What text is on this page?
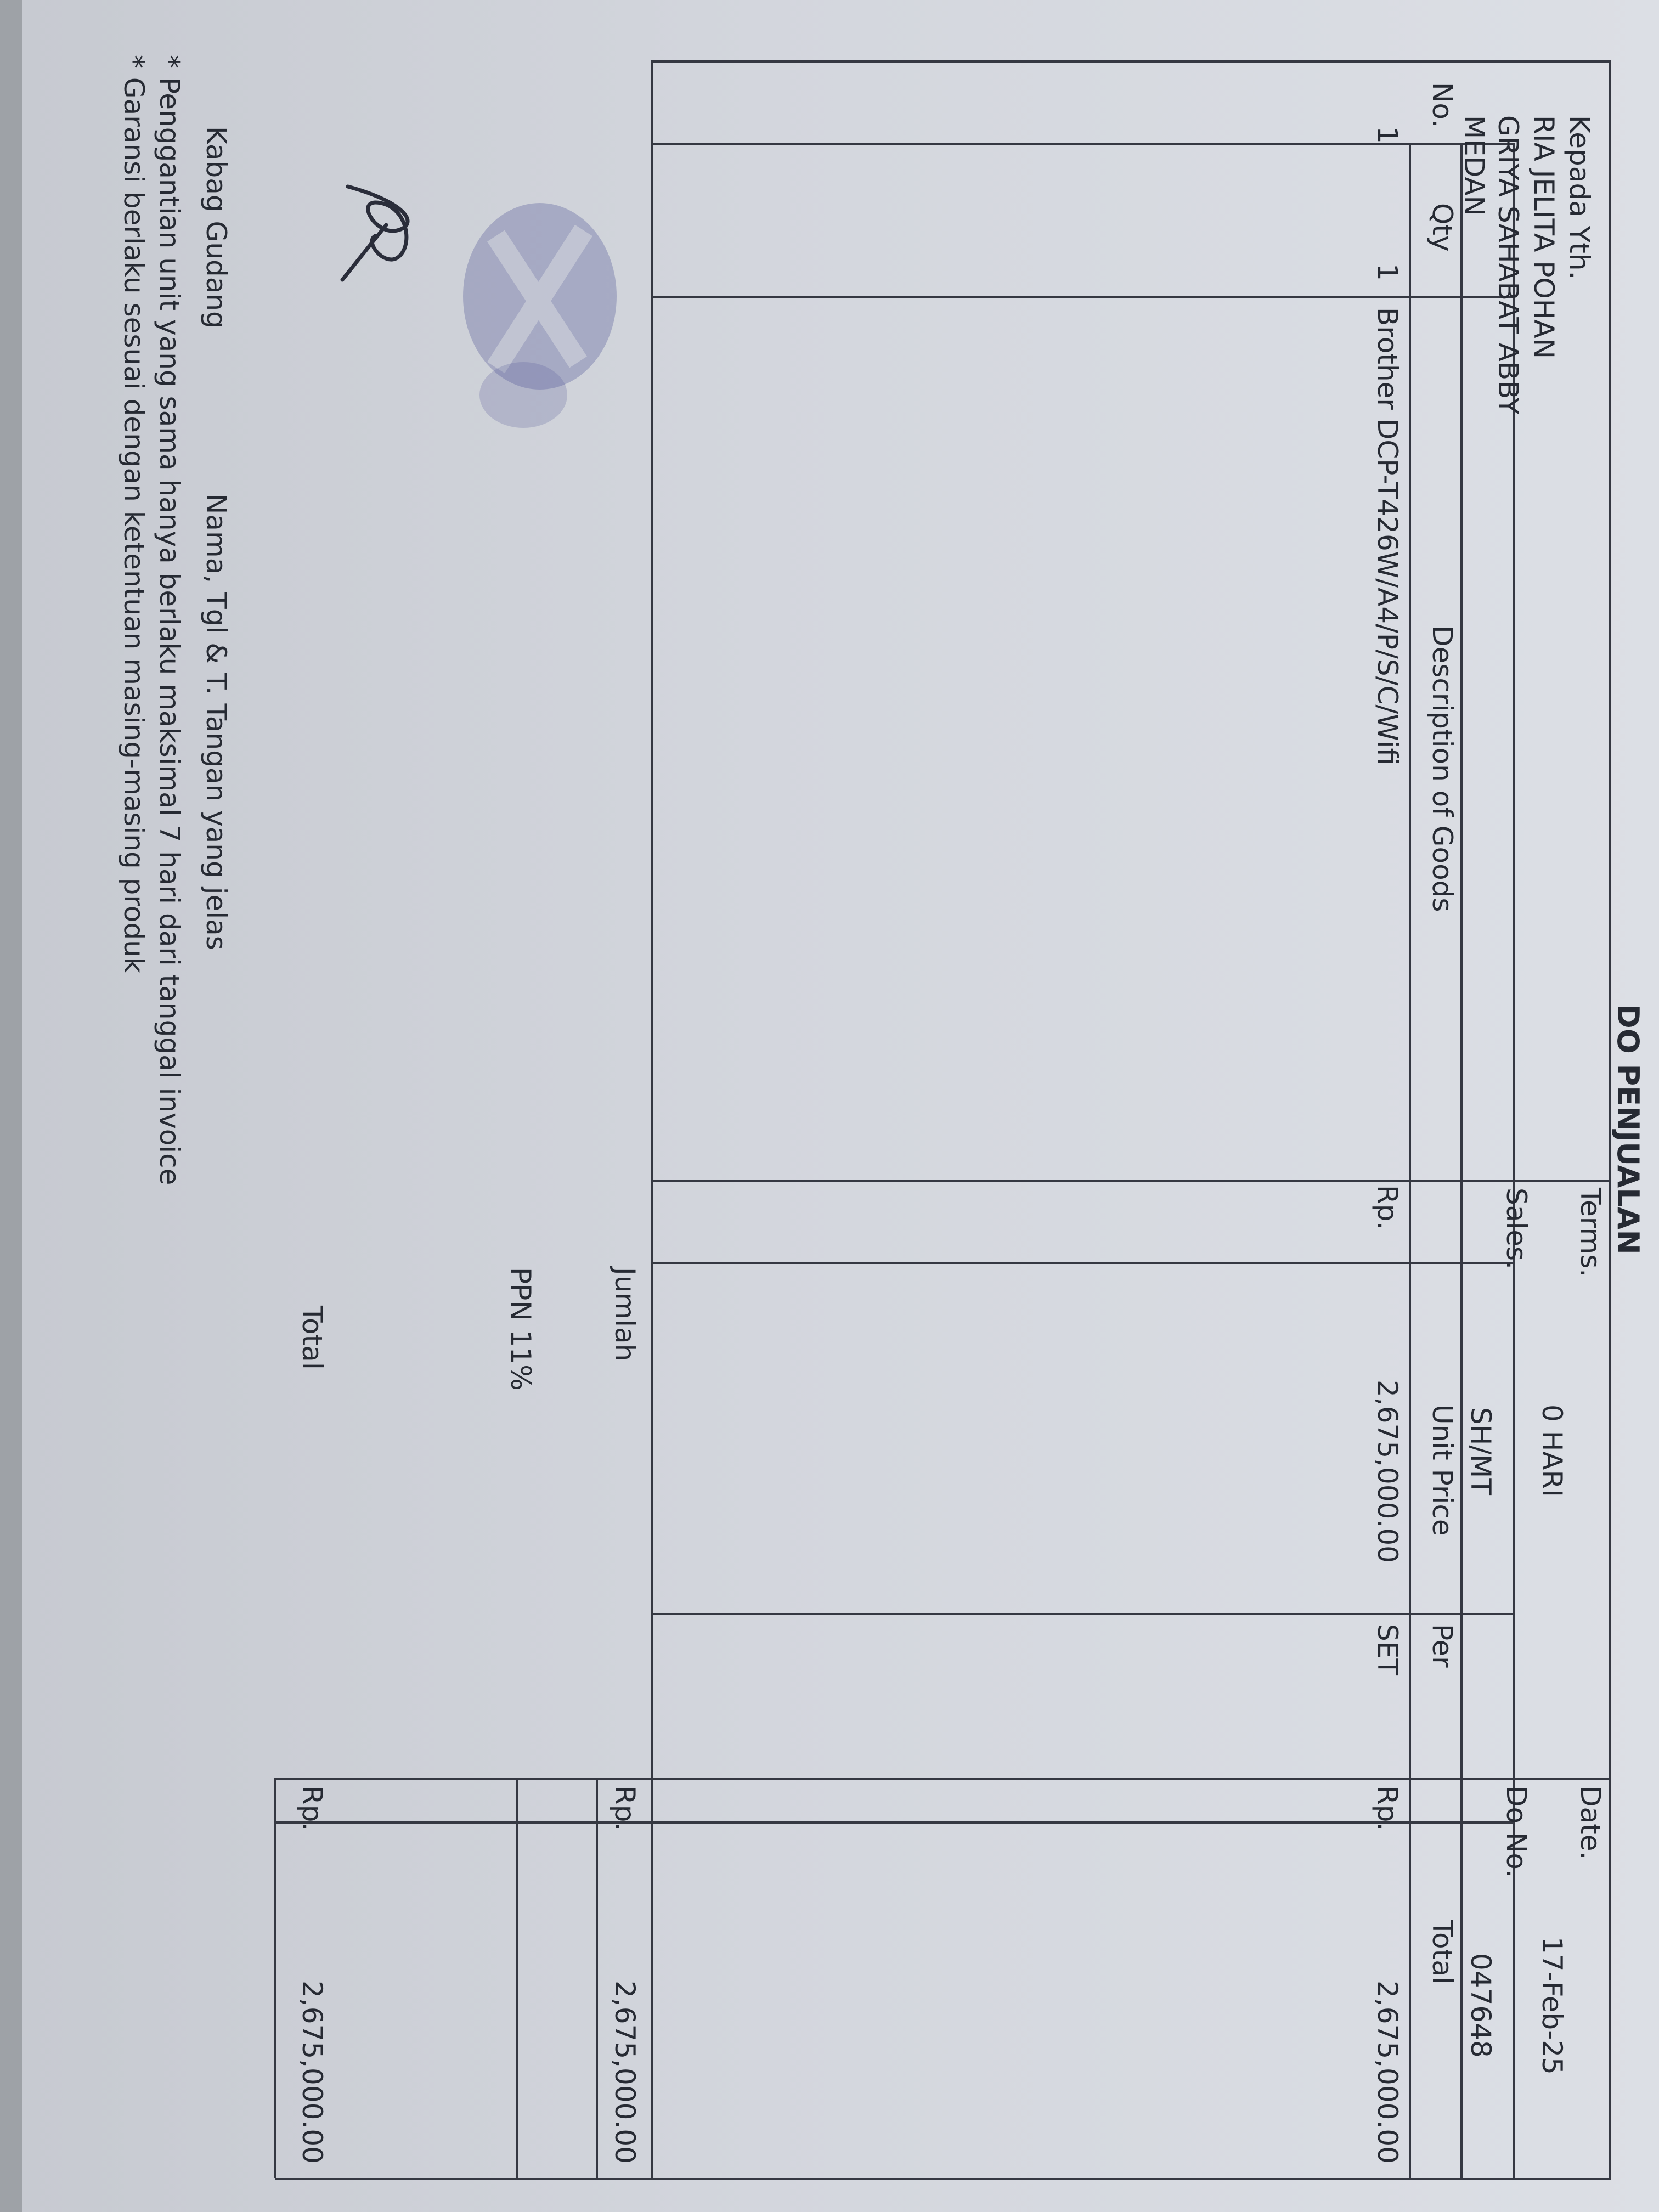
DO PENJUALAN
Kepada Yth.
RIA JELITA POHAN
GRIYA SAHABAT ABBY
MEDAN
Terms.
0 HARI
Sales.
SH/MT
Date.
17-Feb-25
Do No.
047648
No.
Qty
Description of Goods
Unit Price
Per
Total
1
1
Brother DCP-T426W/A4/P/S/C/Wifi
Rp.
2,675,000.00
SET
Rp.
2,675,000.00
Jumlah
Rp.
2,675,000.00
PPN 11%
Total
Rp.
2,675,000.00
Kabag Gudang
Nama, Tgl & T. Tangan yang jelas
* Penggantian unit yang sama hanya berlaku maksimal 7 hari dari tanggal invoice
* Garansi berlaku sesuai dengan ketentuan masing-masing produk
